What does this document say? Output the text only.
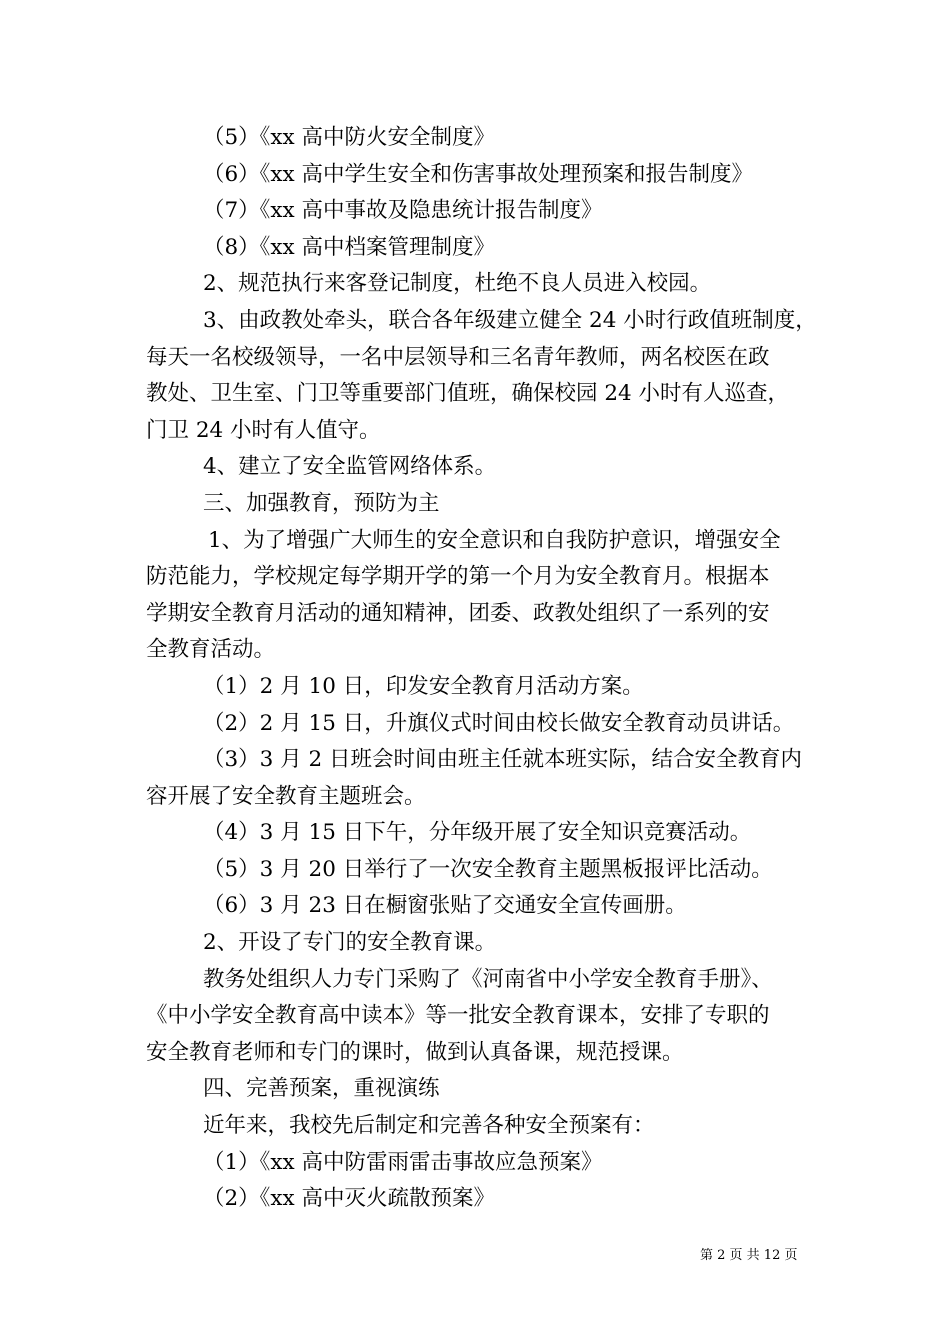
（5）《xx 高中防火安全制度》
（6）《xx 高中学生安全和伤害事故处理预案和报告制度》
（7）《xx 高中事故及隐患统计报告制度》
（8）《xx 高中档案管理制度》
2、规范执行来客登记制度，杜绝不良人员进入校园。
3、由政教处牵头，联合各年级建立健全 24 小时行政值班制度，
每天一名校级领导，一名中层领导和三名青年教师，两名校医在政
教处、卫生室、门卫等重要部门值班，确保校园 24 小时有人巡查，
门卫 24 小时有人值守。
4、建立了安全监管网络体系。
三、加强教育，预防为主
1、为了增强广大师生的安全意识和自我防护意识，增强安全
防范能力，学校规定每学期开学的第一个月为安全教育月。根据本
学期安全教育月活动的通知精神，团委、政教处组织了一系列的安
全教育活动。
（1）2 月 10 日，印发安全教育月活动方案。
（2）2 月 15 日，升旗仪式时间由校长做安全教育动员讲话。
（3）3 月 2 日班会时间由班主任就本班实际，结合安全教育内
容开展了安全教育主题班会。
（4）3 月 15 日下午，分年级开展了安全知识竞赛活动。
（5）3 月 20 日举行了一次安全教育主题黑板报评比活动。
（6）3 月 23 日在橱窗张贴了交通安全宣传画册。
2、开设了专门的安全教育课。
教务处组织人力专门采购了《河南省中小学安全教育手册》、
《中小学安全教育高中读本》等一批安全教育课本，安排了专职的
安全教育老师和专门的课时，做到认真备课，规范授课。
四、完善预案，重视演练
近年来，我校先后制定和完善各种安全预案有：
（1）《xx 高中防雷雨雷击事故应急预案》
（2）《xx 高中灭火疏散预案》
第 2 页 共 12 页
